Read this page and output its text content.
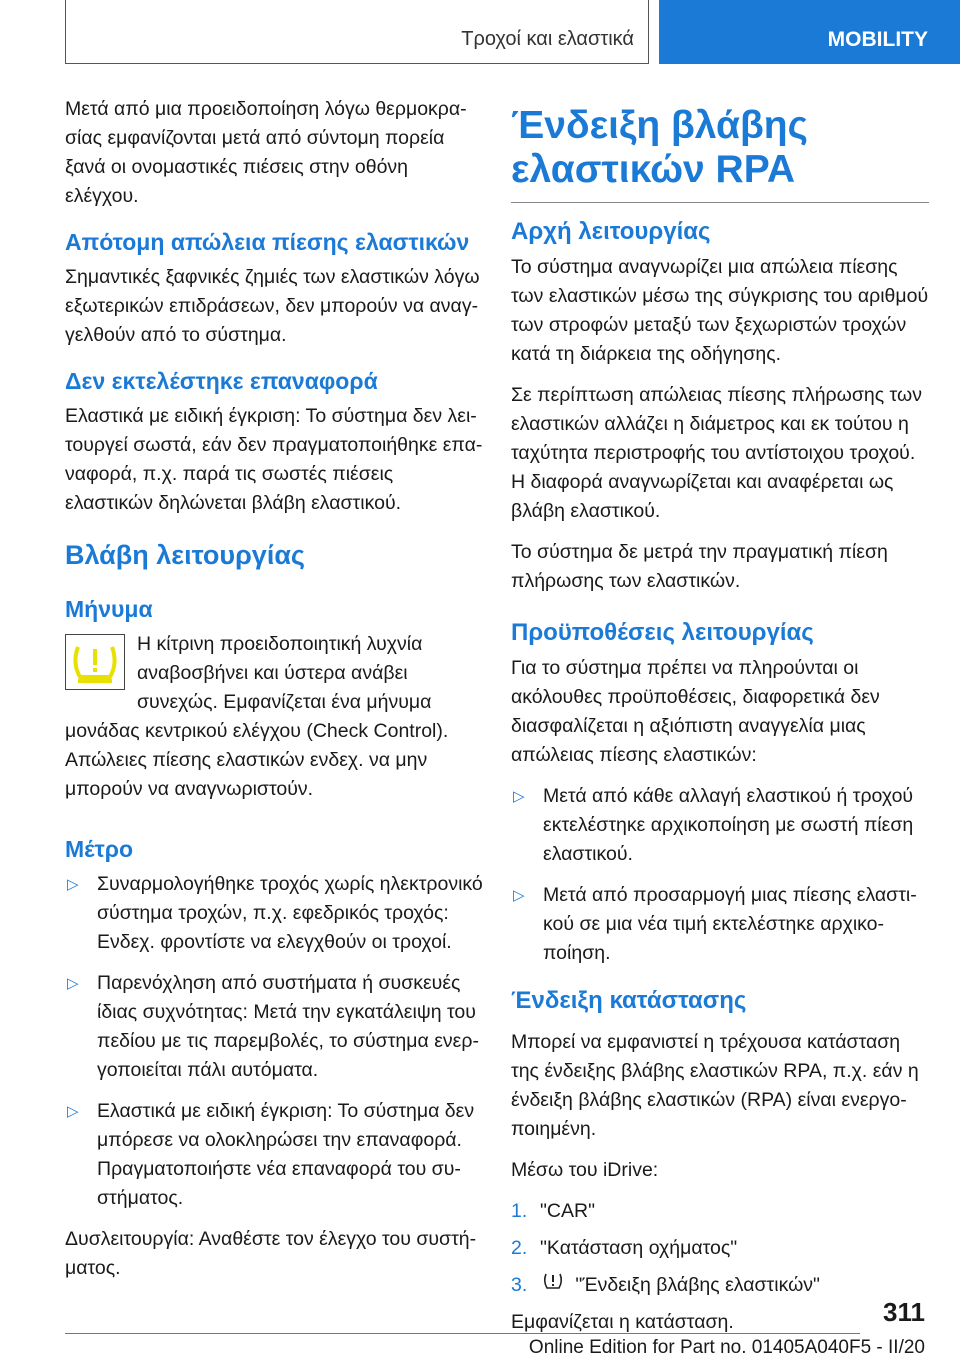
Τροχοί και ελαστικά	MOBILITY

Μετά από μια προειδοποίηση λόγω θερμοκρασίας εμφανίζονται μετά από σύντομη πορεία ξανά οι ονομαστικές πιέσεις στην οθόνη ελέγχου.

Απότομη απώλεια πίεσης ελαστικών

Σημαντικές ξαφνικές ζημιές των ελαστικών λόγω εξωτερικών επιδράσεων, δεν μπορούν να αναγγελθούν από το σύστημα.

Δεν εκτελέστηκε επαναφορά

Ελαστικά με ειδική έγκριση: Το σύστημα δεν λειτουργεί σωστά, εάν δεν πραγματοποιήθηκε επαναφορά, π.χ. παρά τις σωστές πιέσεις ελαστικών δηλώνεται βλάβη ελαστικού.

Βλάβη λειτουργίας
Μήνυμα

Η κίτρινη προειδοποιητική λυχνία αναβοσβήνει και ύστερα ανάβει συνεχώς. Εμφανίζεται ένα μήνυμα μονάδας κεντρικού ελέγχου (Check Control). Απώλειες πίεσης ελαστικών ενδεχ. να μην μπορούν να αναγνωριστούν.

Μέτρο
▷ Συναρμολογήθηκε τροχός χωρίς ηλεκτρονικό σύστημα τροχών, π.χ. εφεδρικός τροχός: Ενδεχ. φροντίστε να ελεγχθούν οι τροχοί.
▷ Παρενόχληση από συστήματα ή συσκευές ίδιας συχνότητας: Μετά την εγκατάλειψη του πεδίου με τις παρεμβολές, το σύστημα ενεργοποιείται πάλι αυτόματα.
▷ Ελαστικά με ειδική έγκριση: Το σύστημα δεν μπόρεσε να ολοκληρώσει την επαναφορά. Πραγματοποιήστε νέα επαναφορά του συστήματος.

Δυσλειτουργία: Αναθέστε τον έλεγχο του συστήματος.

Ένδειξη βλάβης ελαστικών RPA
Αρχή λειτουργίας

Το σύστημα αναγνωρίζει μια απώλεια πίεσης των ελαστικών μέσω της σύγκρισης του αριθμού των στροφών μεταξύ των ξεχωριστών τροχών κατά τη διάρκεια της οδήγησης.

Σε περίπτωση απώλειας πίεσης πλήρωσης των ελαστικών αλλάζει η διάμετρος και εκ τούτου η ταχύτητα περιστροφής του αντίστοιχου τροχού. Η διαφορά αναγνωρίζεται και αναφέρεται ως βλάβη ελαστικού.

Το σύστημα δε μετρά την πραγματική πίεση πλήρωσης των ελαστικών.

Προϋποθέσεις λειτουργίας

Για το σύστημα πρέπει να πληρούνται οι ακόλουθες προϋποθέσεις, διαφορετικά δεν διασφαλίζεται η αξιόπιστη αναγγελία μιας απώλειας πίεσης ελαστικών:

▷ Μετά από κάθε αλλαγή ελαστικού ή τροχού εκτελέστηκε αρχικοποίηση με σωστή πίεση ελαστικού.
▷ Μετά από προσαρμογή μιας πίεσης ελαστικού σε μια νέα τιμή εκτελέστηκε αρχικοποίηση.
Ένδειξη κατάστασης

Μπορεί να εμφανιστεί η τρέχουσα κατάσταση της ένδειξης βλάβης ελαστικών RPA, π.χ. εάν η ένδειξη βλάβης ελαστικών (RPA) είναι ενεργοποιημένη.

Μέσω του iDrive:

1. "CAR"
2. "Κατάσταση οχήματος"
3.	"Ένδειξη βλάβης ελαστικών"

Εμφανίζεται η κατάσταση.	311
Online Edition for Part no. 01405A040F5 - II/20
